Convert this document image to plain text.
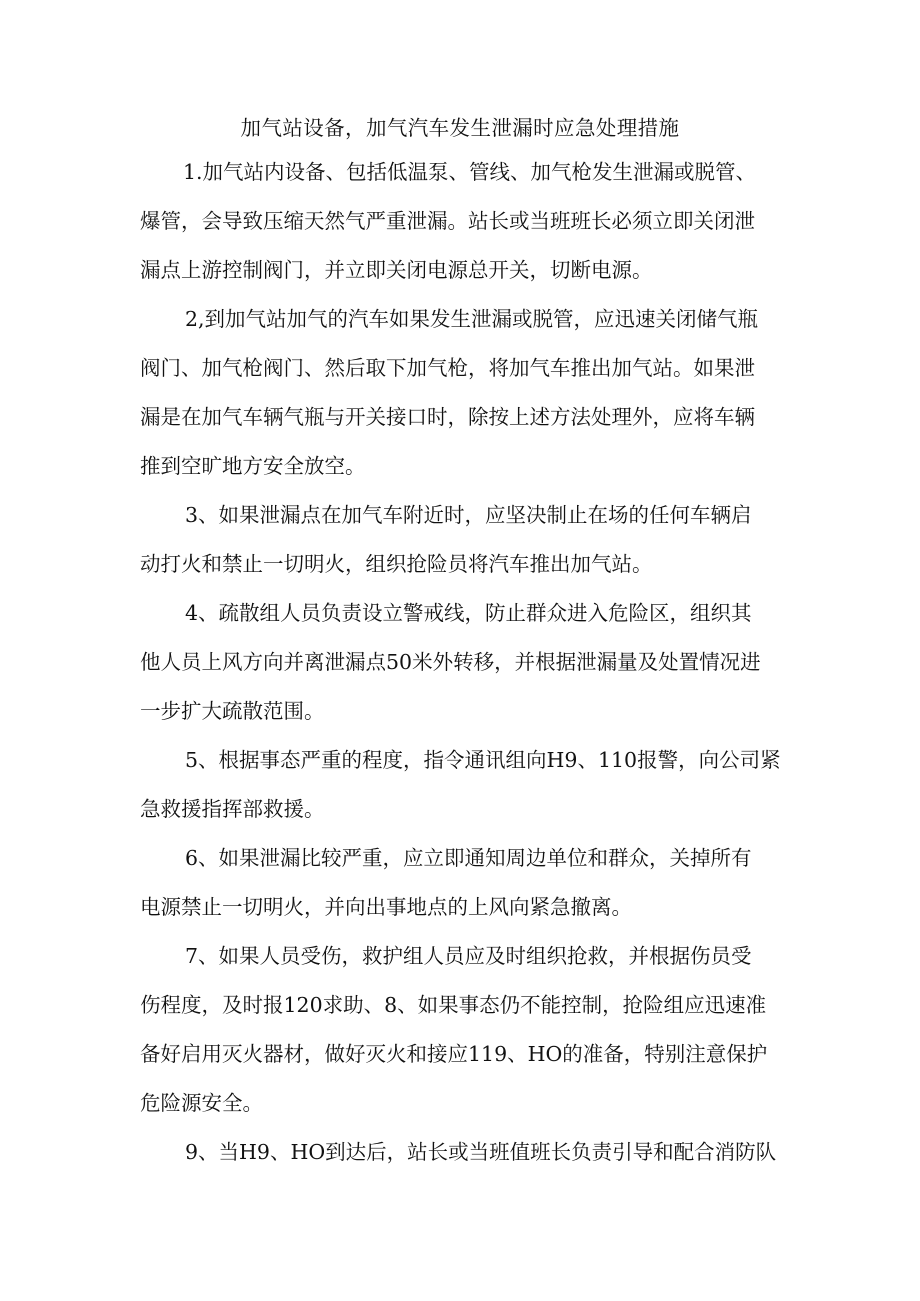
加气站设备，加气汽车发生泄漏时应急处理措施

1.加气站内设备、包括低温泵、管线、加气枪发生泄漏或脱管、

爆管，会导致压缩天然气严重泄漏。站长或当班班长必须立即关闭泄

漏点上游控制阀门，并立即关闭电源总开关，切断电源。

2,到加气站加气的汽车如果发生泄漏或脱管，应迅速关闭储气瓶

阀门、加气枪阀门、然后取下加气枪，将加气车推出加气站。如果泄

漏是在加气车辆气瓶与开关接口时，除按上述方法处理外，应将车辆

推到空旷地方安全放空。

3、如果泄漏点在加气车附近时，应坚决制止在场的任何车辆启

动打火和禁止一切明火，组织抢险员将汽车推出加气站。

4、疏散组人员负责设立警戒线，防止群众进入危险区，组织其

他人员上风方向并离泄漏点50米外转移，并根据泄漏量及处置情况进

一步扩大疏散范围。

5、根据事态严重的程度，指令通讯组向H9、110报警，向公司紧

急救援指挥部救援。

6、如果泄漏比较严重，应立即通知周边单位和群众，关掉所有

电源禁止一切明火，并向出事地点的上风向紧急撤离。

7、如果人员受伤，救护组人员应及时组织抢救，并根据伤员受

伤程度，及时报120求助、8、如果事态仍不能控制，抢险组应迅速准

备好启用灭火器材，做好灭火和接应119、HO的准备，特别注意保护

危险源安全。

9、当H9、HO到达后，站长或当班值班长负责引导和配合消防队
